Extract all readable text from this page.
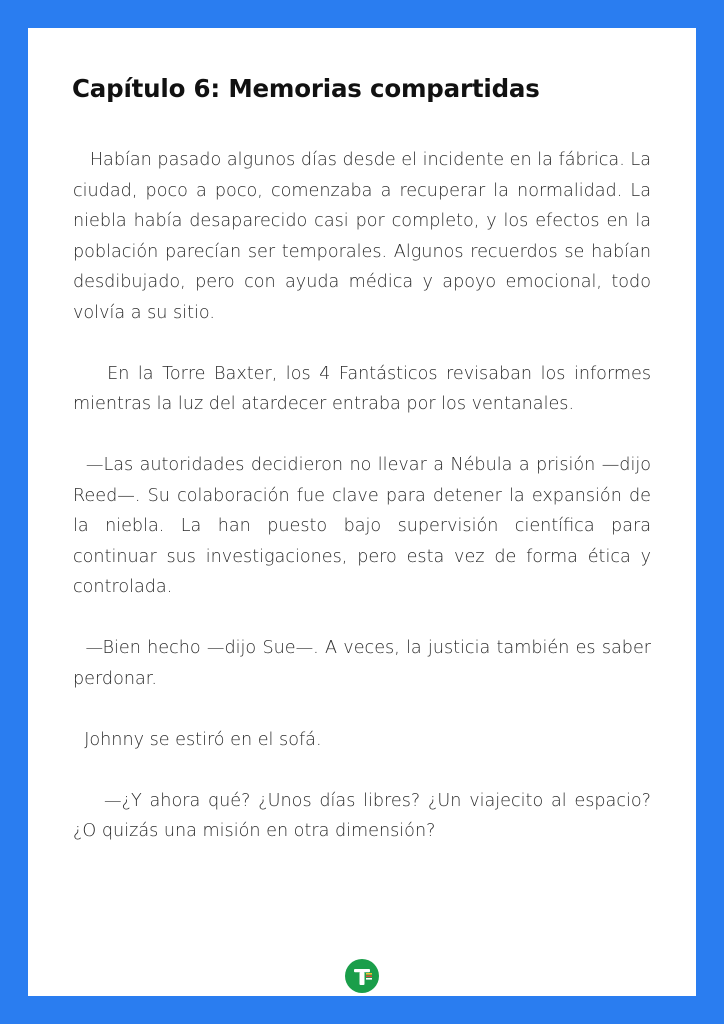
Capítulo 6: Memorias compartidas

Habían pasado algunos días desde el incidente en la fábrica. La ciudad, poco a poco, comenzaba a recuperar la normalidad. La niebla había desaparecido casi por completo, y los efectos en la población parecían ser temporales. Algunos recuerdos se habían desdibujado, pero con ayuda médica y apoyo emocional, todo volvía a su sitio.

En la Torre Baxter, los 4 Fantásticos revisaban los informes mientras la luz del atardecer entraba por los ventanales.

—Las autoridades decidieron no llevar a Nébula a prisión —dijo Reed—. Su colaboración fue clave para detener la expansión de la niebla. La han puesto bajo supervisión científica para continuar sus investigaciones, pero esta vez de forma ética y controlada.

—Bien hecho —dijo Sue—. A veces, la justicia también es saber perdonar.

Johnny se estiró en el sofá.

—¿Y ahora qué? ¿Unos días libres? ¿Un viajecito al espacio? ¿O quizás una misión en otra dimensión?
